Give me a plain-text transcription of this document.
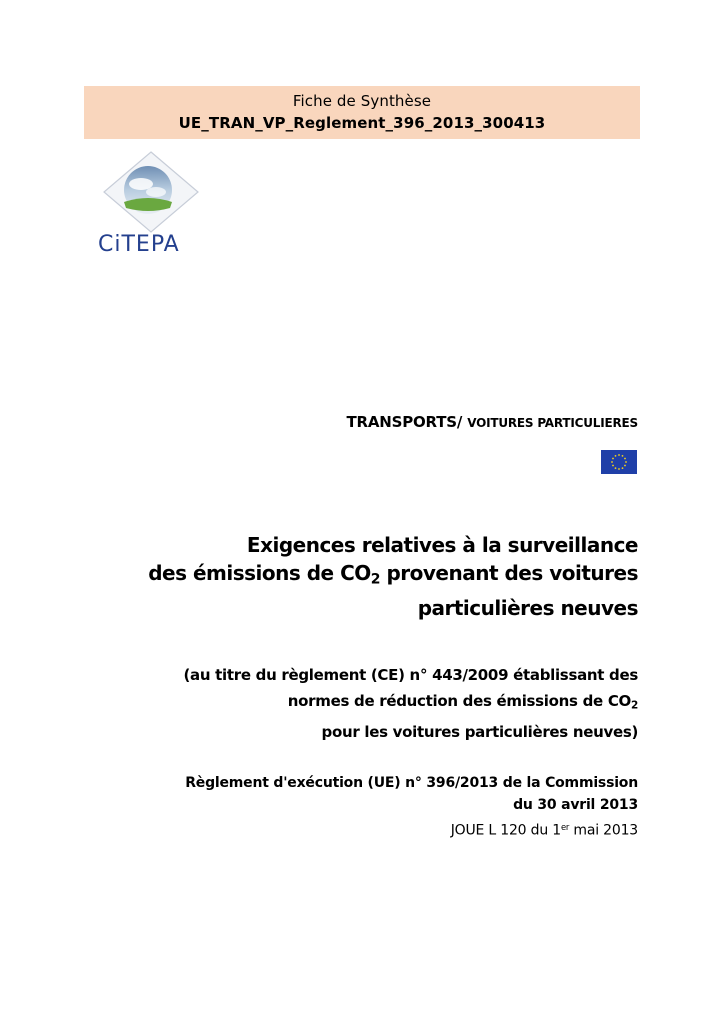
Fiche de Synthèse
UE_TRAN_VP_Reglement_396_2013_300413
CiTEPA
TRANSPORTS/ VOITURES PARTICULIERES
Exigences relatives à la surveillance
des émissions de $CO_2$ provenant des voitures
particulières neuves
(au titre du règlement (CE) n° 443/2009 établissant des
normes de réduction des émissions de $CO_2$
pour les voitures particulières neuves)
Règlement d'exécution (UE) n° 396/2013 de la Commission
du 30 avril 2013
JOUE L 120 du 1er mai 2013
